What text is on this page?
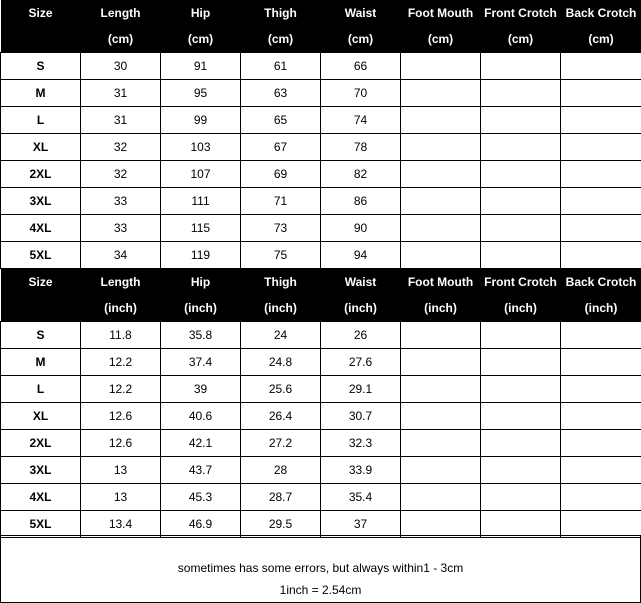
Size	Length	Hip	Thigh	Waist	Foot Mouth	Front Crotch	Back Crotch
	(cm)	(cm)	(cm)	(cm)	(cm)	(cm)	(cm)
S	30	91	61	66			
M	31	95	63	70			
L	31	99	65	74			
XL	32	103	67	78			
2XL	32	107	69	82			
3XL	33	111	71	86			
4XL	33	115	73	90			
5XL	34	119	75	94			
Size	Length	Hip	Thigh	Waist	Foot Mouth	Front Crotch	Back Crotch
	(inch)	(inch)	(inch)	(inch)	(inch)	(inch)	(inch)
S	11.8	35.8	24	26			
M	12.2	37.4	24.8	27.6			
L	12.2	39	25.6	29.1			
XL	12.6	40.6	26.4	30.7			
2XL	12.6	42.1	27.2	32.3			
3XL	13	43.7	28	33.9			
4XL	13	45.3	28.7	35.4			
5XL	13.4	46.9	29.5	37			
sometimes has some errors, but always within1 - 3cm
1inch = 2.54cm
